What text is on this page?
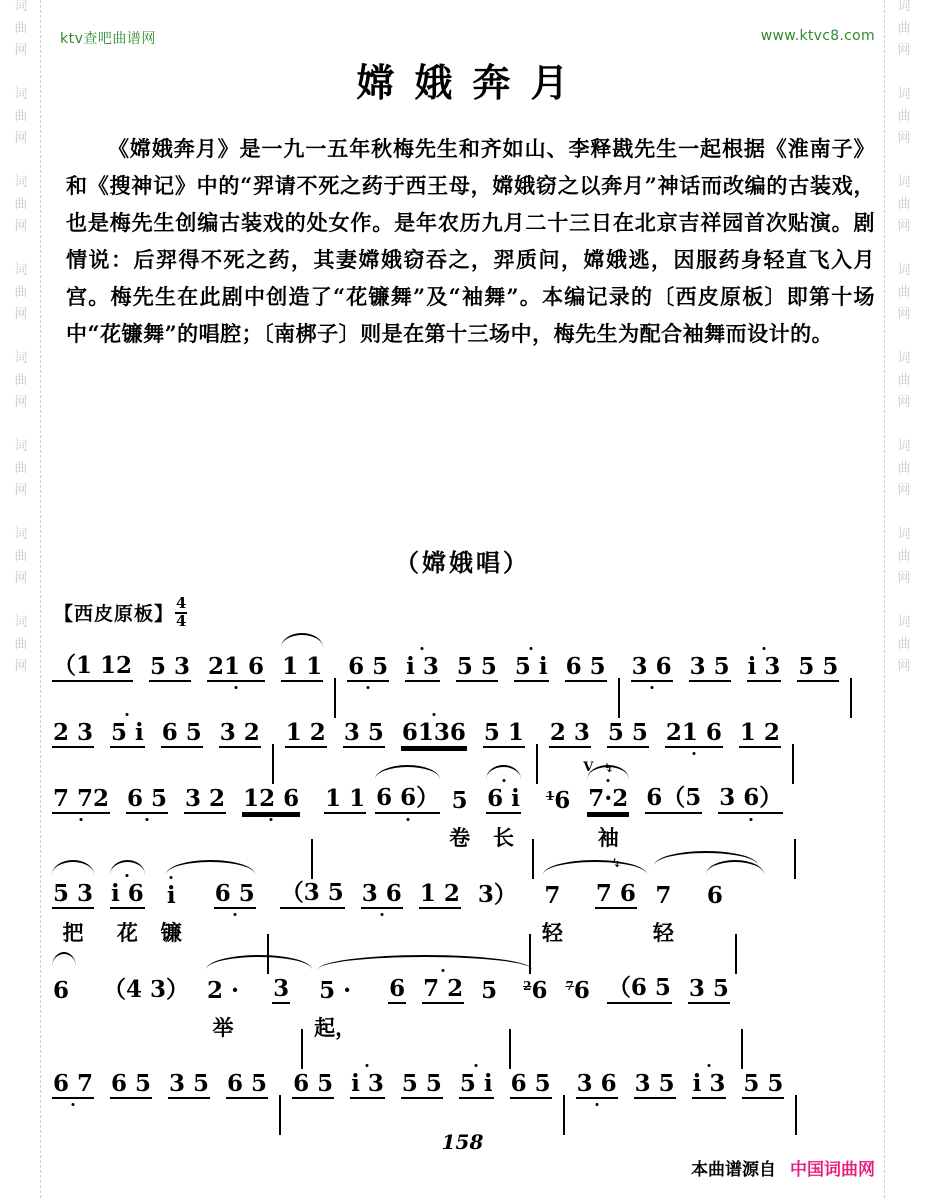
词
曲
网
词
曲
网
词
曲
网
词
曲
网
词
曲
网
词
曲
网
词
曲
网
词
曲
网
词
曲
网
词
曲
网
词
曲
网
词
曲
网
词
曲
网
词
曲
网
词
曲
网
词
曲
网
ktv查吧曲谱网	www.ktvc8.com
嫦娥奔月
《嫦娥奔月》是一九一五年秋梅先生和齐如山、李释戡先生一起根据《淮南子》和《搜神记》中的“羿请不死之药于西王母，嫦娥窃之以奔月”神话而改编的古装戏，也是梅先生创编古装戏的处女作。是年农历九月二十三日在北京吉祥园首次贴演。剧情说：后羿得不死之药，其妻嫦娥窃吞之，羿质问，嫦娥逃，因服药身轻直飞入月宫。梅先生在此剧中创造了“花镰舞”及“袖舞”。本编记录的〔西皮原板〕即第十场中“花镰舞”的唱腔；〔南梆子〕则是在第十三场中，梅先生为配合袖舞而设计的。
（嫦娥唱）
【西皮原板】 $\frac{4}{4}$
（1 12 5 3 21 6 1 1 6 5 i 3 5 5 5 i 6 5 3 6 3 5 i 3 5 5
2 3 5 i 6 5 3 2 1 2 3 5 6136 5 1 2 3 5 5 21 6 1 2
7 72 6 5 3 2 12 6 1 1 6 6） 5
卷
6 i
长
1 6
V ↯
7·2
袖
6（5 3 6）
5 3
把
i 6
花
i
镰
6 5 （3 5 3 6 1 2 3） 7
轻
↯
7 6 7
轻
6
6 （4 3） 2 ·
举
3 5 ·
起，
6 7 2 5 2 6 7 6 （6 5 3 5
6 7 6 5 3 5 6 5 6 5 i 3 5 5 5 i 6 5 3 6 3 5 i 3 5 5
158
本曲谱源自 中国词曲网
